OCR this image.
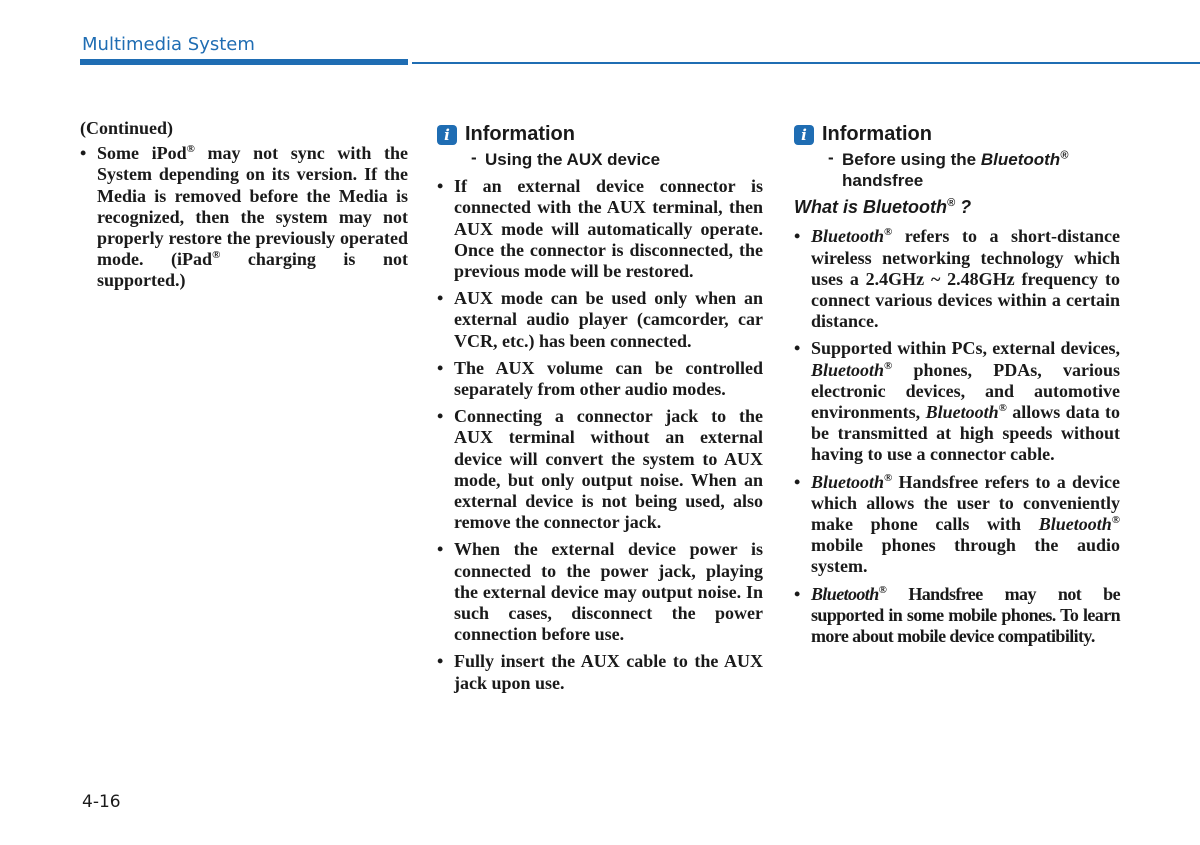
Multimedia System
(Continued)
• Some iPod® may not sync with the System depending on its version. If the Media is removed before the Media is recognized, then the system may not properly restore the previously operated mode. (iPad® charging is not supported.)
i Information
- Using the AUX device
• If an external device connector is connected with the AUX terminal, then AUX mode will automatically operate. Once the connector is disconnected, the previous mode will be restored.
• AUX mode can be used only when an external audio player (camcorder, car VCR, etc.) has been connected.
• The AUX volume can be controlled separately from other audio modes.
• Connecting a connector jack to the AUX terminal without an external device will convert the system to AUX mode, but only output noise. When an external device is not being used, also remove the connector jack.
• When the external device power is connected to the power jack, playing the external device may output noise. In such cases, disconnect the power connection before use.
• Fully insert the AUX cable to the AUX jack upon use.
i Information
- Before using the Bluetooth®
handsfree
What is Bluetooth® ?
• Bluetooth® refers to a short-distance wireless networking technology which uses a 2.4GHz ~ 2.48GHz frequency to connect various devices within a certain distance.
• Supported within PCs, external devices, Bluetooth® phones, PDAs, various electronic devices, and automotive environments, Bluetooth® allows data to be transmitted at high speeds without having to use a connector cable.
• Bluetooth® Handsfree refers to a device which allows the user to conveniently make phone calls with Bluetooth® mobile phones through the audio system.
• Bluetooth® Handsfree may not be supported in some mobile phones. To learn more about mobile device compatibility.
4-16
